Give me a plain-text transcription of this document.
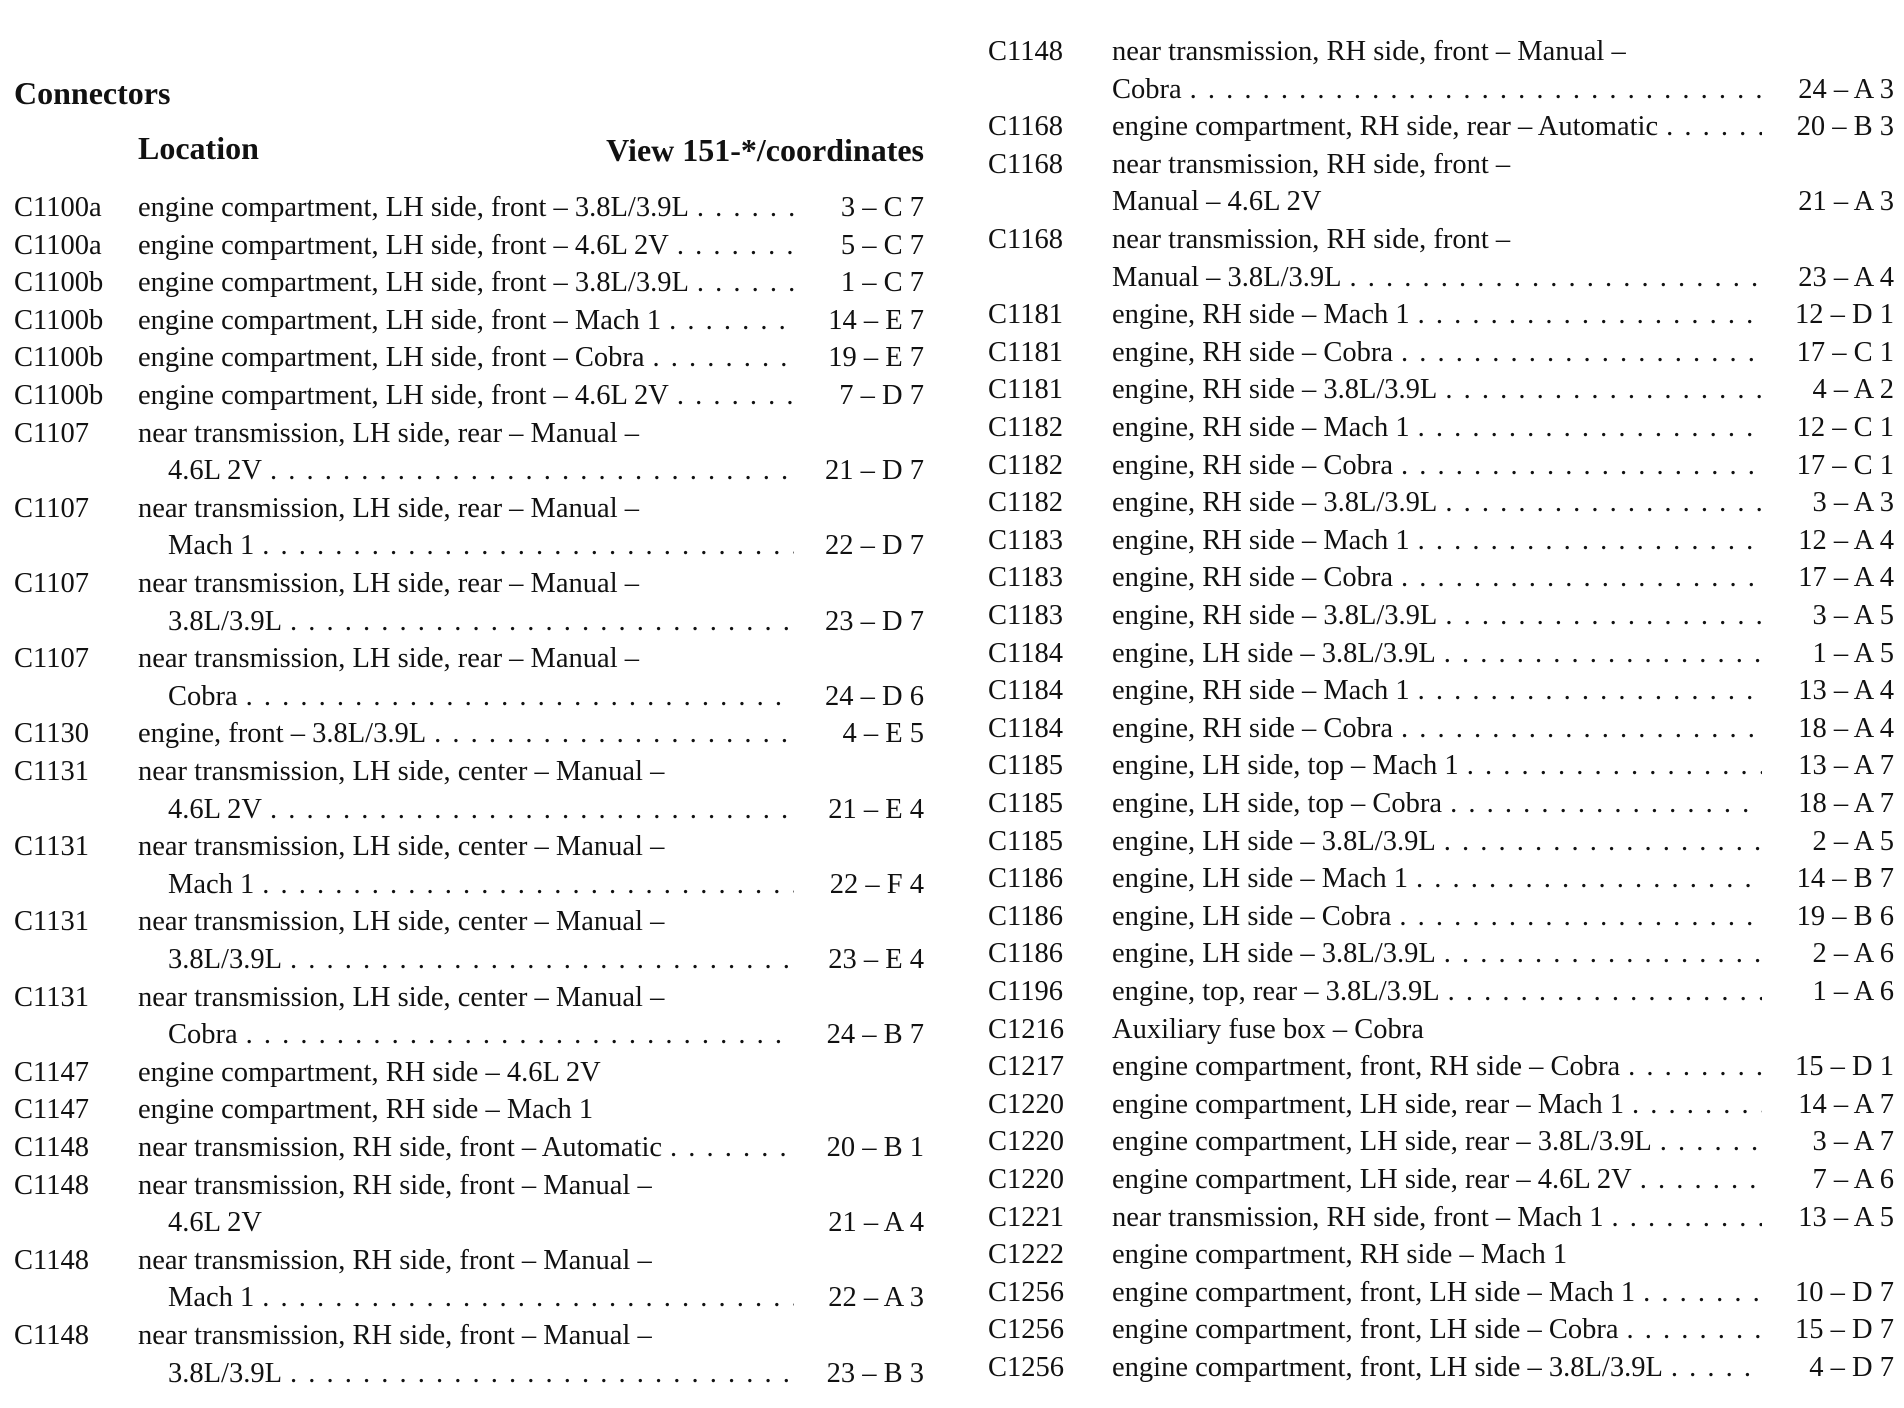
Connectors
Location	View 151-*/coordinates
C1100a engine compartment, LH side, front – 3.8L/3.9L . . .	3 – C 7
C1100a engine compartment, LH side, front – 4.6L 2V . . .	5 – C 7
C1100b engine compartment, LH side, front – 3.8L/3.9L . . .	1 – C 7
C1100b engine compartment, LH side, front – Mach 1 . . .	14 – E 7
C1100b engine compartment, LH side, front – Cobra . . .	19 – E 7
C1100b engine compartment, LH side, front – 4.6L 2V . . .	7 – D 7
C1107 near transmission, LH side, rear – Manual –
4.6L 2V . . .	21 – D 7
C1107 near transmission, LH side, rear – Manual –
Mach 1 . . .	22 – D 7
C1107 near transmission, LH side, rear – Manual –
3.8L/3.9L . . .	23 – D 7
C1107 near transmission, LH side, rear – Manual –
Cobra . . .	24 – D 6
C1130 engine, front – 3.8L/3.9L . . .	4 – E 5
C1131 near transmission, LH side, center – Manual –
4.6L 2V . . .	21 – E 4
C1131 near transmission, LH side, center – Manual –
Mach 1 . . .	22 – F 4
C1131 near transmission, LH side, center – Manual –
3.8L/3.9L . . .	23 – E 4
C1131 near transmission, LH side, center – Manual –
Cobra . . .	24 – B 7
C1147 engine compartment, RH side – 4.6L 2V
C1147 engine compartment, RH side – Mach 1
C1148 near transmission, RH side, front – Automatic . . .	20 – B 1
C1148 near transmission, RH side, front – Manual –
4.6L 2V	21 – A 4
C1148 near transmission, RH side, front – Manual –
Mach 1 . . .	22 – A 3
C1148 near transmission, RH side, front – Manual –
3.8L/3.9L . . .	23 – B 3
C1148 near transmission, RH side, front – Manual –
Cobra . . .	24 – A 3
C1168 engine compartment, RH side, rear – Automatic . . .	20 – B 3
C1168 near transmission, RH side, front –
Manual – 4.6L 2V	21 – A 3
C1168 near transmission, RH side, front –
Manual – 3.8L/3.9L . . .	23 – A 4
C1181 engine, RH side – Mach 1 . . .	12 – D 1
C1181 engine, RH side – Cobra . . .	17 – C 1
C1181 engine, RH side – 3.8L/3.9L . . .	4 – A 2
C1182 engine, RH side – Mach 1 . . .	12 – C 1
C1182 engine, RH side – Cobra . . .	17 – C 1
C1182 engine, RH side – 3.8L/3.9L . . .	3 – A 3
C1183 engine, RH side – Mach 1 . . .	12 – A 4
C1183 engine, RH side – Cobra . . .	17 – A 4
C1183 engine, RH side – 3.8L/3.9L . . .	3 – A 5
C1184 engine, LH side – 3.8L/3.9L . . .	1 – A 5
C1184 engine, RH side – Mach 1 . . .	13 – A 4
C1184 engine, RH side – Cobra . . .	18 – A 4
C1185 engine, LH side, top – Mach 1 . . .	13 – A 7
C1185 engine, LH side, top – Cobra . . .	18 – A 7
C1185 engine, LH side – 3.8L/3.9L . . .	2 – A 5
C1186 engine, LH side – Mach 1 . . .	14 – B 7
C1186 engine, LH side – Cobra . . .	19 – B 6
C1186 engine, LH side – 3.8L/3.9L . . .	2 – A 6
C1196 engine, top, rear – 3.8L/3.9L . . .	1 – A 6
C1216 Auxiliary fuse box – Cobra
C1217 engine compartment, front, RH side – Cobra . . .	15 – D 1
C1220 engine compartment, LH side, rear – Mach 1 . . .	14 – A 7
C1220 engine compartment, LH side, rear – 3.8L/3.9L . . .	3 – A 7
C1220 engine compartment, LH side, rear – 4.6L 2V . . .	7 – A 6
C1221 near transmission, RH side, front – Mach 1 . . .	13 – A 5
C1222 engine compartment, RH side – Mach 1
C1256 engine compartment, front, LH side – Mach 1 . . .	10 – D 7
C1256 engine compartment, front, LH side – Cobra . . .	15 – D 7
C1256 engine compartment, front, LH side – 3.8L/3.9L . . .	4 – D 7
